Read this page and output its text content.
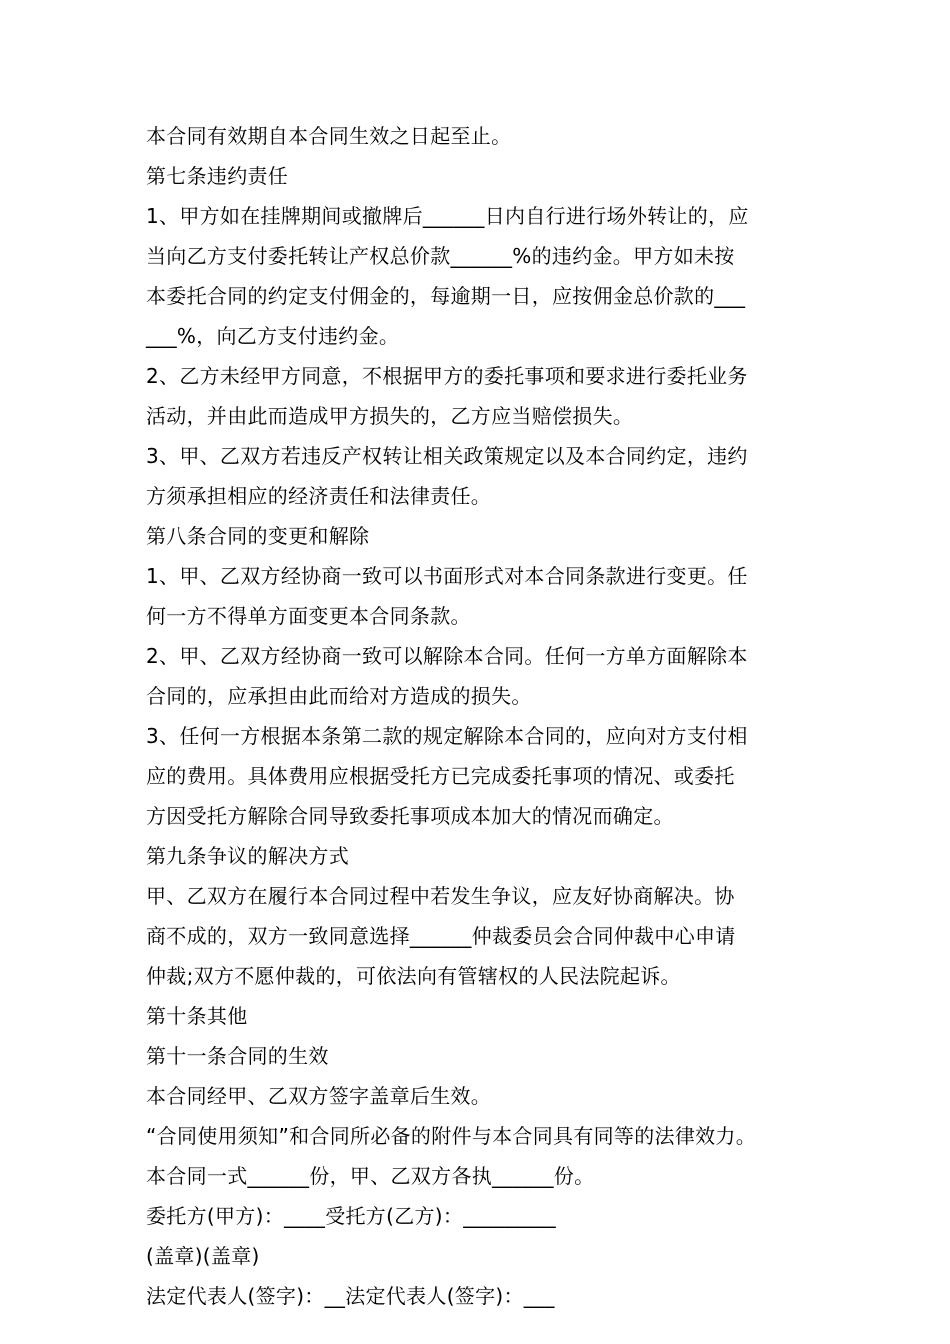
本合同有效期自本合同生效之日起至止。
第七条违约责任
1、甲方如在挂牌期间或撤牌后______日内自行进行场外转让的，应
当向乙方支付委托转让产权总价款______%的违约金。甲方如未按
本委托合同的约定支付佣金的，每逾期一日，应按佣金总价款的___
___%，向乙方支付违约金。
2、乙方未经甲方同意，不根据甲方的委托事项和要求进行委托业务
活动，并由此而造成甲方损失的，乙方应当赔偿损失。
3、甲、乙双方若违反产权转让相关政策规定以及本合同约定，违约
方须承担相应的经济责任和法律责任。
第八条合同的变更和解除
1、甲、乙双方经协商一致可以书面形式对本合同条款进行变更。任
何一方不得单方面变更本合同条款。
2、甲、乙双方经协商一致可以解除本合同。任何一方单方面解除本
合同的，应承担由此而给对方造成的损失。
3、任何一方根据本条第二款的规定解除本合同的，应向对方支付相
应的费用。具体费用应根据受托方已完成委托事项的情况、或委托
方因受托方解除合同导致委托事项成本加大的情况而确定。
第九条争议的解决方式
甲、乙双方在履行本合同过程中若发生争议，应友好协商解决。协
商不成的，双方一致同意选择______仲裁委员会合同仲裁中心申请
仲裁;双方不愿仲裁的，可依法向有管辖权的人民法院起诉。
第十条其他
第十一条合同的生效
本合同经甲、乙双方签字盖章后生效。
“合同使用须知”和合同所必备的附件与本合同具有同等的法律效力。
本合同一式______份，甲、乙双方各执______份。
委托方(甲方)：____受托方(乙方)：_________
(盖章)(盖章)
法定代表人(签字)：__法定代表人(签字)：___
